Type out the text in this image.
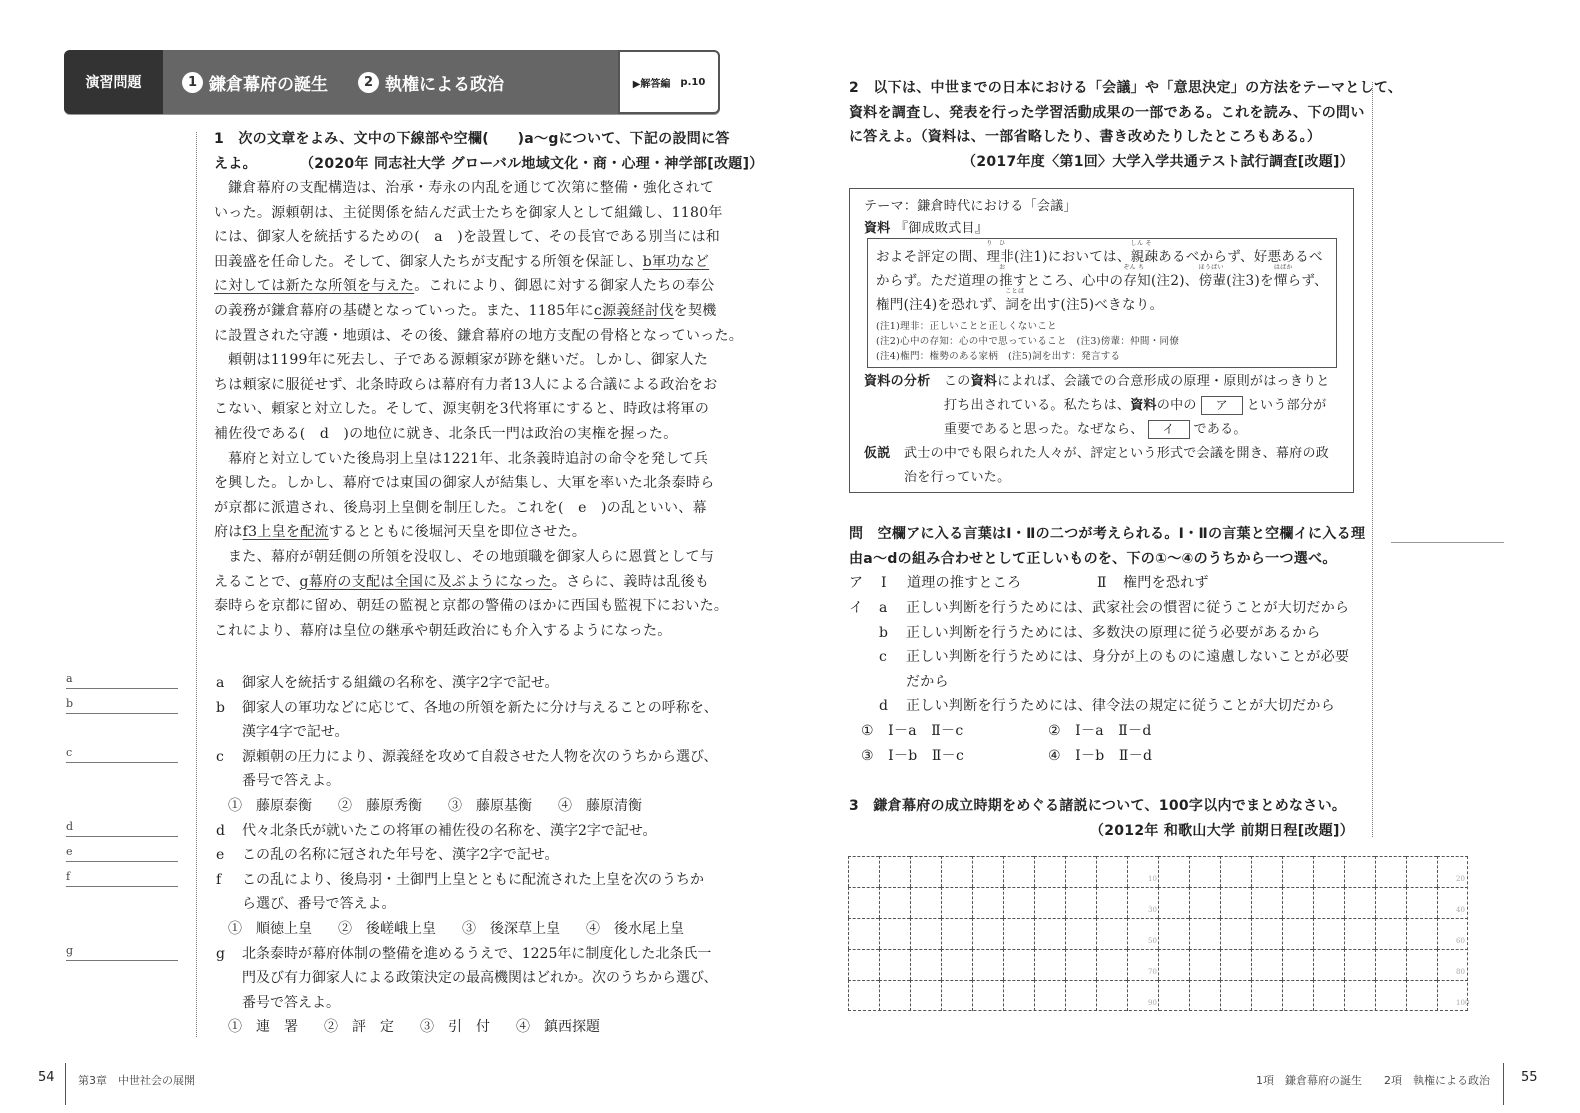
演習問題	1 鎌倉幕府の誕生	2 執権による政治	▶解答編 p.10
1　次の文章をよみ、文中の下線部や空欄(　　)a～gについて、下記の設問に答
えよ。	（2020年 同志社大学 グローバル地域文化・商・心理・神学部[改題]）
鎌倉幕府の支配構造は、治承・寿永の内乱を通じて次第に整備・強化されて
いった。源頼朝は、主従関係を結んだ武士たちを御家人として組織し、1180年
には、御家人を統括するための(　a　)を設置して、その長官である別当には和
田義盛を任命した。そして、御家人たちが支配する所領を保証し、b軍功など
に対しては新たな所領を与えた。これにより、御恩に対する御家人たちの奉公
の義務が鎌倉幕府の基礎となっていった。また、1185年にc源義経討伐を契機
に設置された守護・地頭は、その後、鎌倉幕府の地方支配の骨格となっていった。
頼朝は1199年に死去し、子である源頼家が跡を継いだ。しかし、御家人た
ちは頼家に服従せず、北条時政らは幕府有力者13人による合議による政治をお
こない、頼家と対立した。そして、源実朝を3代将軍にすると、時政は将軍の
補佐役である(　d　)の地位に就き、北条氏一門は政治の実権を握った。
幕府と対立していた後鳥羽上皇は1221年、北条義時追討の命令を発して兵
を興した。しかし、幕府では東国の御家人が結集し、大軍を率いた北条泰時ら
が京都に派遣され、後鳥羽上皇側を制圧した。これを(　e　)の乱といい、幕
府はf3上皇を配流するとともに後堀河天皇を即位させた。
また、幕府が朝廷側の所領を没収し、その地頭職を御家人らに恩賞として与
えることで、g幕府の支配は全国に及ぶようになった。さらに、義時は乱後も
泰時らを京都に留め、朝廷の監視と京都の警備のほかに西国も監視下においた。
これにより、幕府は皇位の継承や朝廷政治にも介入するようになった。
a
b
c
d
e
f
g
a 御家人を統括する組織の名称を、漢字2字で記せ。
b 御家人の軍功などに応じて、各地の所領を新たに分け与えることの呼称を、
漢字4字で記せ。
c 源頼朝の圧力により、源義経を攻めて自殺させた人物を次のうちから選び、
番号で答えよ。
①　藤原泰衡 ②　藤原秀衡 ③　藤原基衡 ④　藤原清衡
d 代々北条氏が就いたこの将軍の補佐役の名称を、漢字2字で記せ。
e この乱の名称に冠された年号を、漢字2字で記せ。
f この乱により、後鳥羽・土御門上皇とともに配流された上皇を次のうちか
ら選び、番号で答えよ。
①　順徳上皇 ②　後嵯峨上皇 ③　後深草上皇 ④　後水尾上皇
g 北条泰時が幕府体制の整備を進めるうえで、1225年に制度化した北条氏一
門及び有力御家人による政策決定の最高機関はどれか。次のうちから選び、
番号で答えよ。
①　連　署 ②　評　定 ③　引　付 ④　鎮西探題
2　以下は、中世までの日本における「会議」や「意思決定」の方法をテーマとして、
資料を調査し、発表を行った学習活動成果の一部である。これを読み、下の問い
に答えよ。（資料は、一部省略したり、書き改めたりしたところもある。）
（2017年度〈第1回〉大学入学共通テスト試行調査[改題]）
テーマ：鎌倉時代における「会議」
資料 『御成敗式目』
およそ評定の間、
り　ひ
理非(注1)においては、
しん そ
親疎あるべからず、好悪あるべ
からず。ただ道理の
お
推すところ、心中の
ぞん ち
存知(注2)、
ほうばい
傍輩(注3)を
はばか
憚らず、
権門(注4)を恐れず、
ことば
詞を出す(注5)べきなり。
(注1)理非：正しいことと正しくないこと
(注2)心中の存知：心の中で思っていること　(注3)傍輩：仲間・同僚
(注4)権門：権勢のある家柄　(注5)詞を出す：発言する
資料の分析 この資料によれば、会議での合意形成の原理・原則がはっきりと
打ち出されている。私たちは、資料の中の ア という部分が
重要であると思った。なぜなら、 イ である。
仮説 武士の中でも限られた人々が、評定という形式で会議を開き、幕府の政
治を行っていた。
問　空欄アに入る言葉はⅠ・Ⅱの二つが考えられる。Ⅰ・Ⅱの言葉と空欄イに入る理
由a～dの組み合わせとして正しいものを、下の①～④のうちから一つ選べ。
ア Ⅰ 道理の推すところ	Ⅱ 権門を恐れず
イ a 正しい判断を行うためには、武家社会の慣習に従うことが大切だから
b 正しい判断を行うためには、多数決の原理に従う必要があるから
c 正しい判断を行うためには、身分が上のものに遠慮しないことが必要
だから
d 正しい判断を行うためには、律令法の規定に従うことが大切だから
①　Ⅰ－a　Ⅱ－c	②　Ⅰ－a　Ⅱ－d
③　Ⅰ－b　Ⅱ－c	④　Ⅰ－b　Ⅱ－d
3　鎌倉幕府の成立時期をめぐる諸説について、100字以内でまとめなさい。
（2012年 和歌山大学 前期日程[改題]）
10	20
30	40
50	60
70	80
90	100
54 第3章　中世社会の展開	1項　鎌倉幕府の誕生　　2項　執権による政治 55
